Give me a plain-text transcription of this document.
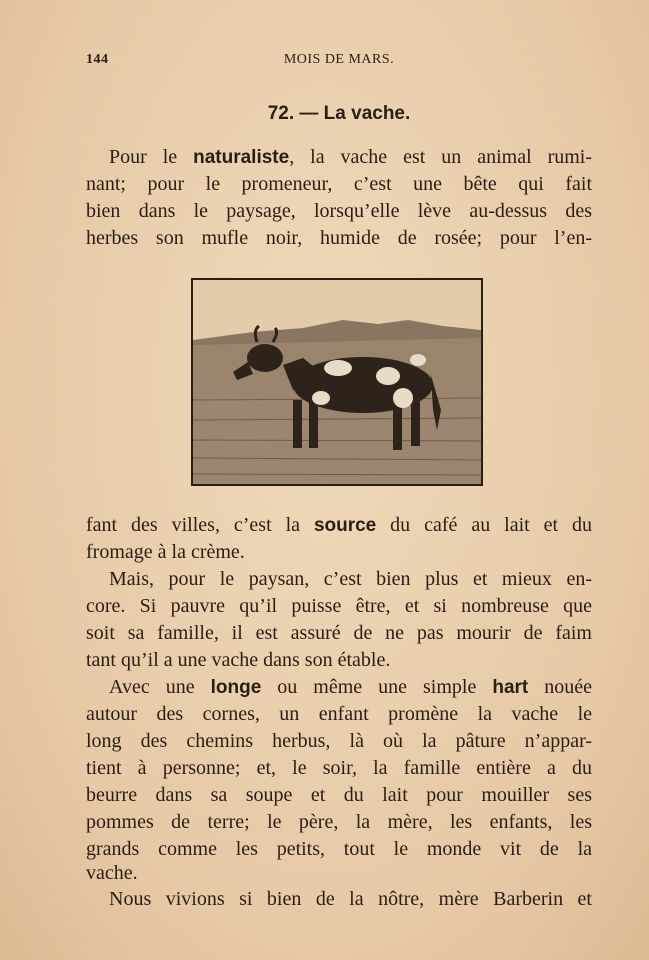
144	MOIS DE MARS.
72. — La vache.
Pour le naturaliste, la vache est un animal rumi-
nant; pour le promeneur, c’est une bête qui fait
bien dans le paysage, lorsqu’elle lève au-dessus des
herbes son mufle noir, humide de rosée; pour l’en-
fant des villes, c’est la source du café au lait et du
fromage à la crème.
Mais, pour le paysan, c’est bien plus et mieux en-
core. Si pauvre qu’il puisse être, et si nombreuse que
soit sa famille, il est assuré de ne pas mourir de faim
tant qu’il a une vache dans son étable.
Avec une longe ou même une simple hart nouée
autour des cornes, un enfant promène la vache le
long des chemins herbus, là où la pâture n’appar-
tient à personne; et, le soir, la famille entière a du
beurre dans sa soupe et du lait pour mouiller ses
pommes de terre; le père, la mère, les enfants, les
grands comme les petits, tout le monde vit de la
vache.
Nous vivions si bien de la nôtre, mère Barberin et
